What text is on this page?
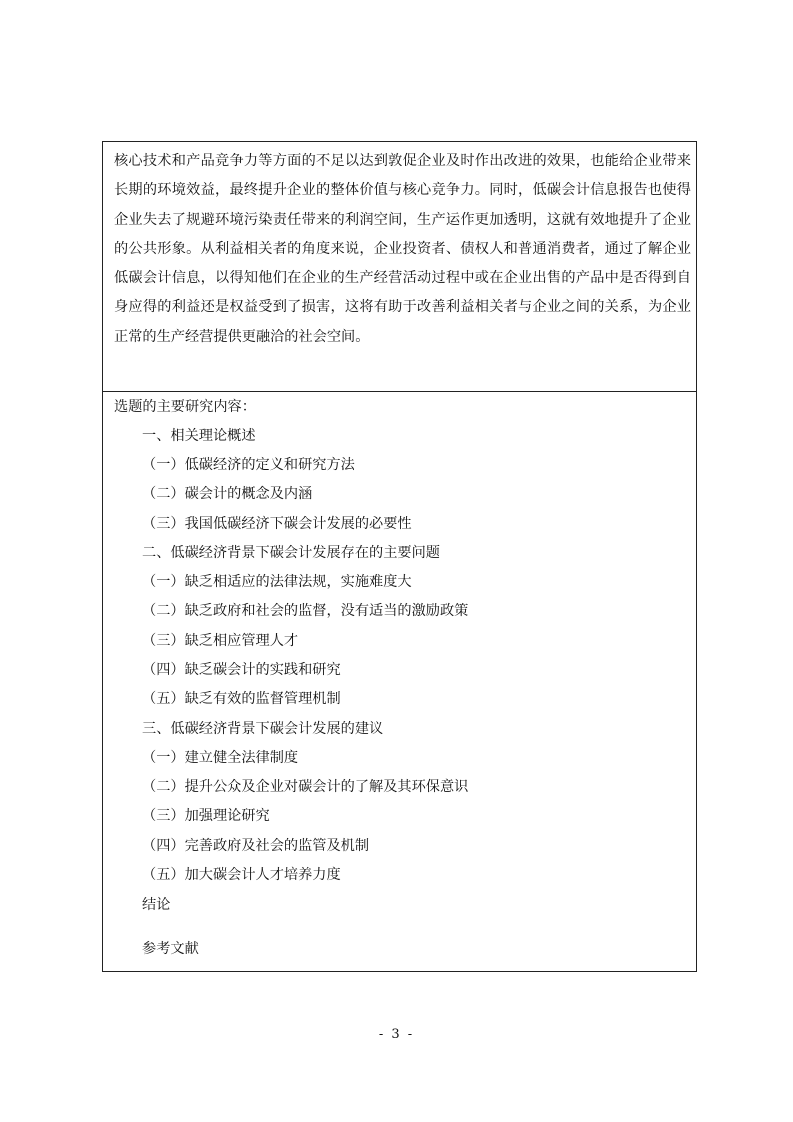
核心技术和产品竞争力等方面的不足以达到敦促企业及时作出改进的效果，也能给企业带来长期的环境效益，最终提升企业的整体价值与核心竞争力。同时，低碳会计信息报告也使得企业失去了规避环境污染责任带来的利润空间，生产运作更加透明，这就有效地提升了企业的公共形象。从利益相关者的角度来说，企业投资者、债权人和普通消费者，通过了解企业低碳会计信息，以得知他们在企业的生产经营活动过程中或在企业出售的产品中是否得到自身应得的利益还是权益受到了损害，这将有助于改善利益相关者与企业之间的关系，为企业正常的生产经营提供更融洽的社会空间。

选题的主要研究内容：

一、相关理论概述

（一）低碳经济的定义和研究方法

（二）碳会计的概念及内涵

（三）我国低碳经济下碳会计发展的必要性

二、低碳经济背景下碳会计发展存在的主要问题

（一）缺乏相适应的法律法规，实施难度大

（二）缺乏政府和社会的监督，没有适当的激励政策

（三）缺乏相应管理人才

（四）缺乏碳会计的实践和研究

（五）缺乏有效的监督管理机制

三、低碳经济背景下碳会计发展的建议

（一）建立健全法律制度

（二）提升公众及企业对碳会计的了解及其环保意识

（三）加强理论研究

（四）完善政府及社会的监管及机制

（五）加大碳会计人才培养力度

结论

参考文献

- 3 -
